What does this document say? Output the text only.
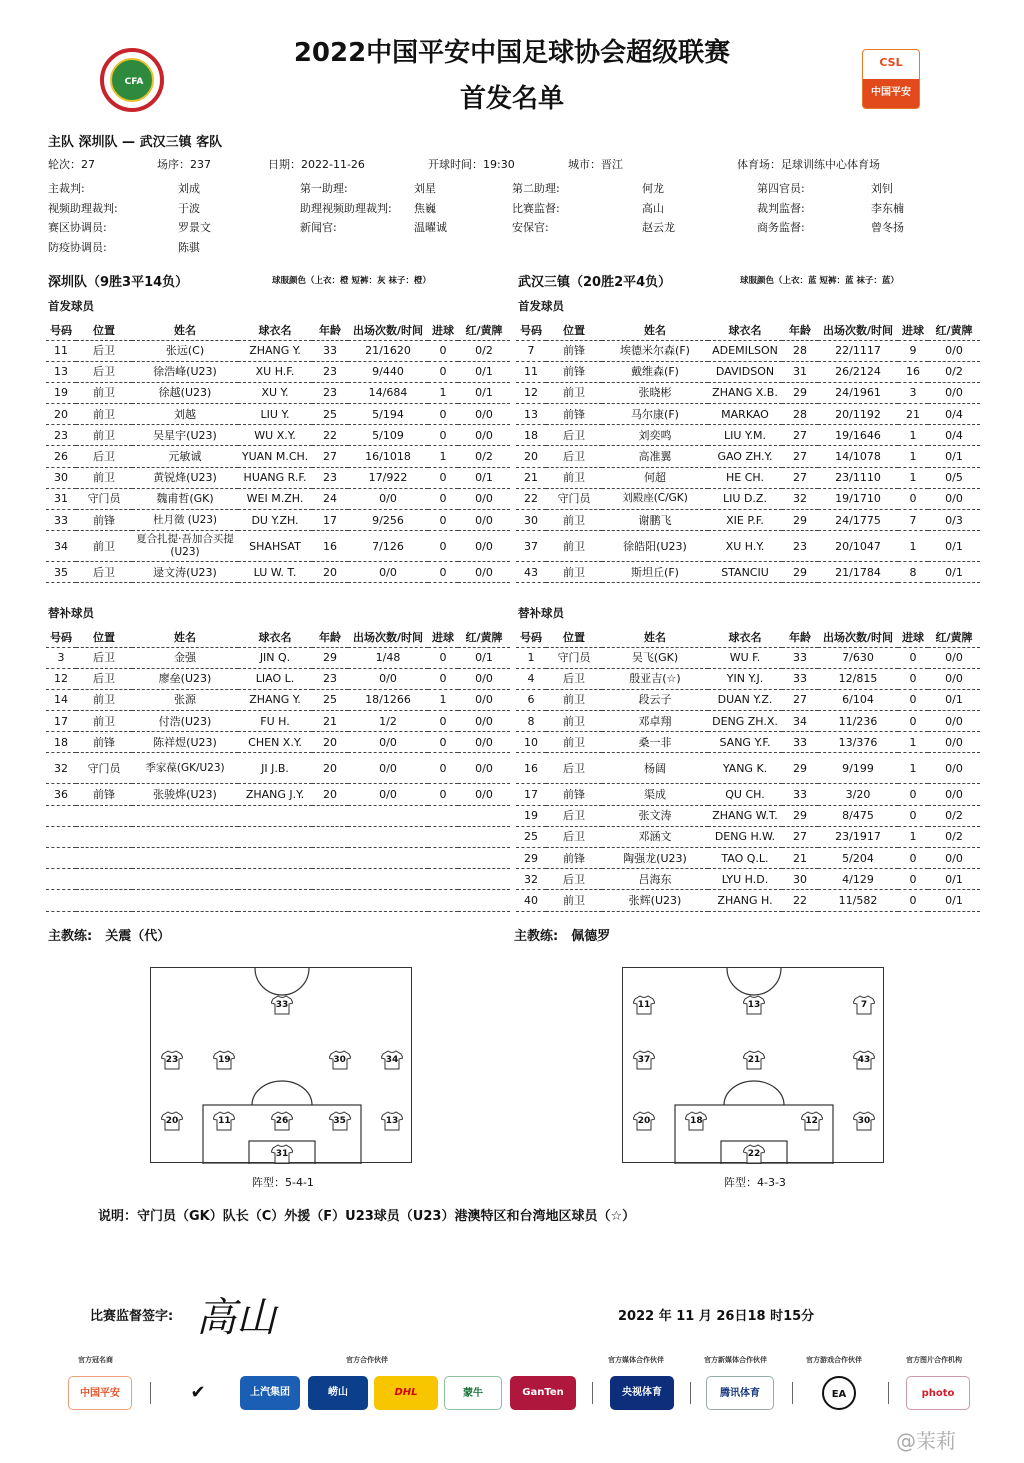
CFA
2022中国平安中国足球协会超级联赛
首发名单
CSL
中国平安
主队 深圳队 — 武汉三镇 客队
轮次：27	场序：237	日期：2022-11-26	开球时间：19:30	城市：晋江	体育场：足球训练中心体育场
主裁判:	刘成	第一助理:	刘星	第二助理:	何龙	第四官员:	刘钊
视频助理裁判:	于波	助理视频助理裁判: 焦巍	比赛监督:	高山	裁判监督:	李东楠
赛区协调员:	罗景文	新闻官:	温曜诚	安保官:	赵云龙	商务监督:	曾冬扬
防疫协调员:	陈骐
深圳队（9胜3平14负）	球服颜色（上衣：橙 短裤：灰 袜子：橙）	武汉三镇（20胜2平4负）	球服颜色（上衣：蓝 短裤：蓝 袜子：蓝）
首发球员	首发球员
号码	位置	姓名	球衣名	年龄	出场次数/时间	进球	红/黄牌
11	后卫	张远(C)	ZHANG Y.	33	21/1620	0	0/2
13	后卫	徐浩峰(U23)	XU H.F.	23	9/440	0	0/1
19	前卫	徐越(U23)	XU Y.	23	14/684	1	0/1
20	前卫	刘越	LIU Y.	25	5/194	0	0/0
23	前卫	吴星宇(U23)	WU X.Y.	22	5/109	0	0/0
26	后卫	元敏诚	YUAN M.CH.	27	16/1018	1	0/2
30	前卫	黄锐烽(U23)	HUANG R.F.	23	17/922	0	0/1
31	守门员	魏甫哲(GK)	WEI M.ZH.	24	0/0	0	0/0
33	前锋	杜月徵 (U23)	DU Y.ZH.	17	9/256	0	0/0
34	前卫	夏合扎提·吾加合买提(U23)	SHAHSAT	16	7/126	0	0/0
35	后卫	逯文涛(U23)	LU W. T.	20	0/0	0	0/0
号码	位置	姓名	球衣名	年龄	出场次数/时间	进球	红/黄牌
7	前锋	埃德米尔森(F)	ADEMILSON	28	22/1117	9	0/0
11	前锋	戴维森(F)	DAVIDSON	31	26/2124	16	0/2
12	前卫	张晓彬	ZHANG X.B.	29	24/1961	3	0/0
13	前锋	马尔康(F)	MARKAO	28	20/1192	21	0/4
18	后卫	刘奕鸣	LIU Y.M.	27	19/1646	1	0/4
20	后卫	高准翼	GAO ZH.Y.	27	14/1078	1	0/1
21	前卫	何超	HE CH.	27	23/1110	1	0/5
22	守门员	刘殿座(C/GK)	LIU D.Z.	32	19/1710	0	0/0
30	前卫	谢鹏飞	XIE P.F.	29	24/1775	7	0/3
37	前卫	徐皓阳(U23)	XU H.Y.	23	20/1047	1	0/1
43	前卫	斯坦丘(F)	STANCIU	29	21/1784	8	0/1
替补球员	替补球员
号码	位置	姓名	球衣名	年龄	出场次数/时间	进球	红/黄牌
3	后卫	金强	JIN Q.	29	1/48	0	0/1
12	后卫	廖垒(U23)	LIAO L.	23	0/0	0	0/0
14	前卫	张源	ZHANG Y.	25	18/1266	1	0/0
17	前卫	付浩(U23)	FU H.	21	1/2	0	0/0
18	前锋	陈祥煜(U23)	CHEN X.Y.	20	0/0	0	0/0
32	守门员	季家葆(GK/U23)	JI J.B.	20	0/0	0	0/0
36	前锋	张骏烨(U23)	ZHANG J.Y.	20	0/0	0	0/0

号码	位置	姓名	球衣名	年龄	出场次数/时间	进球	红/黄牌
1	守门员	吴飞(GK)	WU F.	33	7/630	0	0/0
4	后卫	殷亚吉(☆)	YIN Y.J.	33	12/815	0	0/0
6	前卫	段云子	DUAN Y.Z.	27	6/104	0	0/1
8	前卫	邓卓翔	DENG ZH.X.	34	11/236	0	0/0
10	前卫	桑一非	SANG Y.F.	33	13/376	1	0/0
16	后卫	杨阔	YANG K.	29	9/199	1	0/0
17	前锋	渠成	QU CH.	33	3/20	0	0/0
19	后卫	张文涛	ZHANG W.T.	29	8/475	0	0/2
25	后卫	邓涵文	DENG H.W.	27	23/1917	1	0/2
29	前锋	陶强龙(U23)	TAO Q.L.	21	5/204	0	0/0
32	后卫	吕海东	LYU H.D.	30	4/129	0	0/1
40	前卫	张辉(U23)	ZHANG H.	22	11/582	0	0/1
主教练:　关震（代）	主教练:　佩德罗
11	13
19
20
23
26
30
31
33
34
35
7
11
12
13
18
20
21
22
30
37	43
阵型：5-4-1	阵型：4-3-3
说明：守门员（GK）队长（C）外援（F）U23球员（U23）港澳特区和台湾地区球员（☆）
比赛监督签字: 高山	2022 年 11 月 26日18 时15分
官方冠名商	官方合作伙伴	官方媒体合作伙伴	官方新媒体合作伙伴	官方游戏合作伙伴	官方图片合作机构
中国平安	✔	上汽集团	崂山	DHL	蒙牛	GanTen	央视体育	腾讯体育	EA	photo
@茉莉
